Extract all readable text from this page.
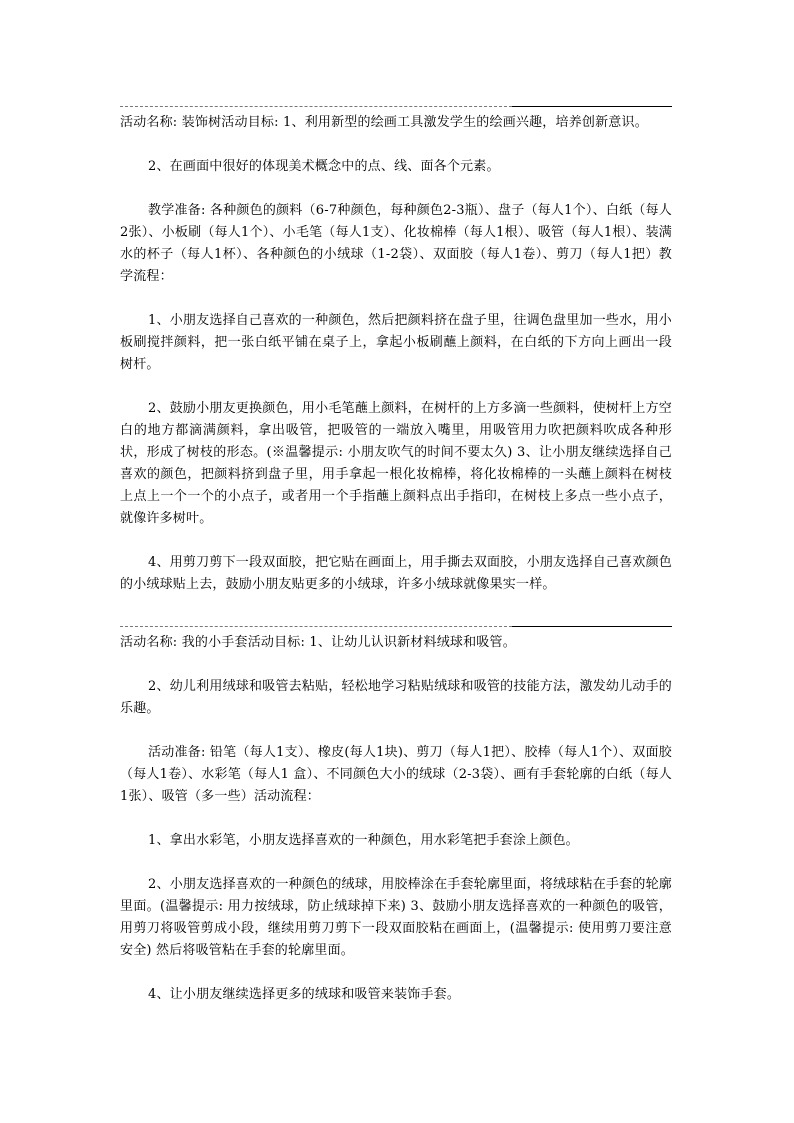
活动名称: 装饰树活动目标: 1、利用新型的绘画工具激发学生的绘画兴趣，培养创新意识。

2、在画面中很好的体现美术概念中的点、线、面各个元素。

教学准备: 各种颜色的颜料（6-7种颜色，每种颜色2-3瓶）、盘子（每人1个）、白纸（每人2张）、小板刷（每人1个）、小毛笔（每人1支）、化妆棉棒（每人1根）、吸管（每人1根）、装满水的杯子（每人1杯）、各种颜色的小绒球（1-2袋）、双面胶（每人1卷）、剪刀（每人1把）教学流程：

1、小朋友选择自己喜欢的一种颜色，然后把颜料挤在盘子里，往调色盘里加一些水，用小板刷搅拌颜料，把一张白纸平铺在桌子上，拿起小板刷蘸上颜料，在白纸的下方向上画出一段树杆。

2、鼓励小朋友更换颜色，用小毛笔蘸上颜料，在树杆的上方多滴一些颜料，使树杆上方空白的地方都滴满颜料，拿出吸管，把吸管的一端放入嘴里，用吸管用力吹把颜料吹成各种形状，形成了树枝的形态。(※温馨提示: 小朋友吹气的时间不要太久) 3、让小朋友继续选择自己喜欢的颜色，把颜料挤到盘子里，用手拿起一根化妆棉棒，将化妆棉棒的一头蘸上颜料在树枝上点上一个一个的小点子，或者用一个手指蘸上颜料点出手指印，在树枝上多点一些小点子，就像许多树叶。

4、用剪刀剪下一段双面胶，把它贴在画面上，用手撕去双面胶，小朋友选择自己喜欢颜色的小绒球贴上去，鼓励小朋友贴更多的小绒球，许多小绒球就像果实一样。

活动名称: 我的小手套活动目标: 1、让幼儿认识新材料绒球和吸管。

2、幼儿利用绒球和吸管去粘贴，轻松地学习粘贴绒球和吸管的技能方法，激发幼儿动手的乐趣。

活动准备: 铅笔（每人1支）、橡皮(每人1块)、剪刀（每人1把）、胶棒（每人1个）、双面胶（每人1卷）、水彩笔（每人1 盒）、不同颜色大小的绒球（2-3袋）、画有手套轮廓的白纸（每人1张）、吸管（多一些）活动流程：

1、拿出水彩笔，小朋友选择喜欢的一种颜色，用水彩笔把手套涂上颜色。

2、小朋友选择喜欢的一种颜色的绒球，用胶棒涂在手套轮廓里面，将绒球粘在手套的轮廓里面。(温馨提示: 用力按绒球，防止绒球掉下来) 3、鼓励小朋友选择喜欢的一种颜色的吸管，用剪刀将吸管剪成小段，继续用剪刀剪下一段双面胶粘在画面上，(温馨提示: 使用剪刀要注意安全) 然后将吸管粘在手套的轮廓里面。

4、让小朋友继续选择更多的绒球和吸管来装饰手套。
